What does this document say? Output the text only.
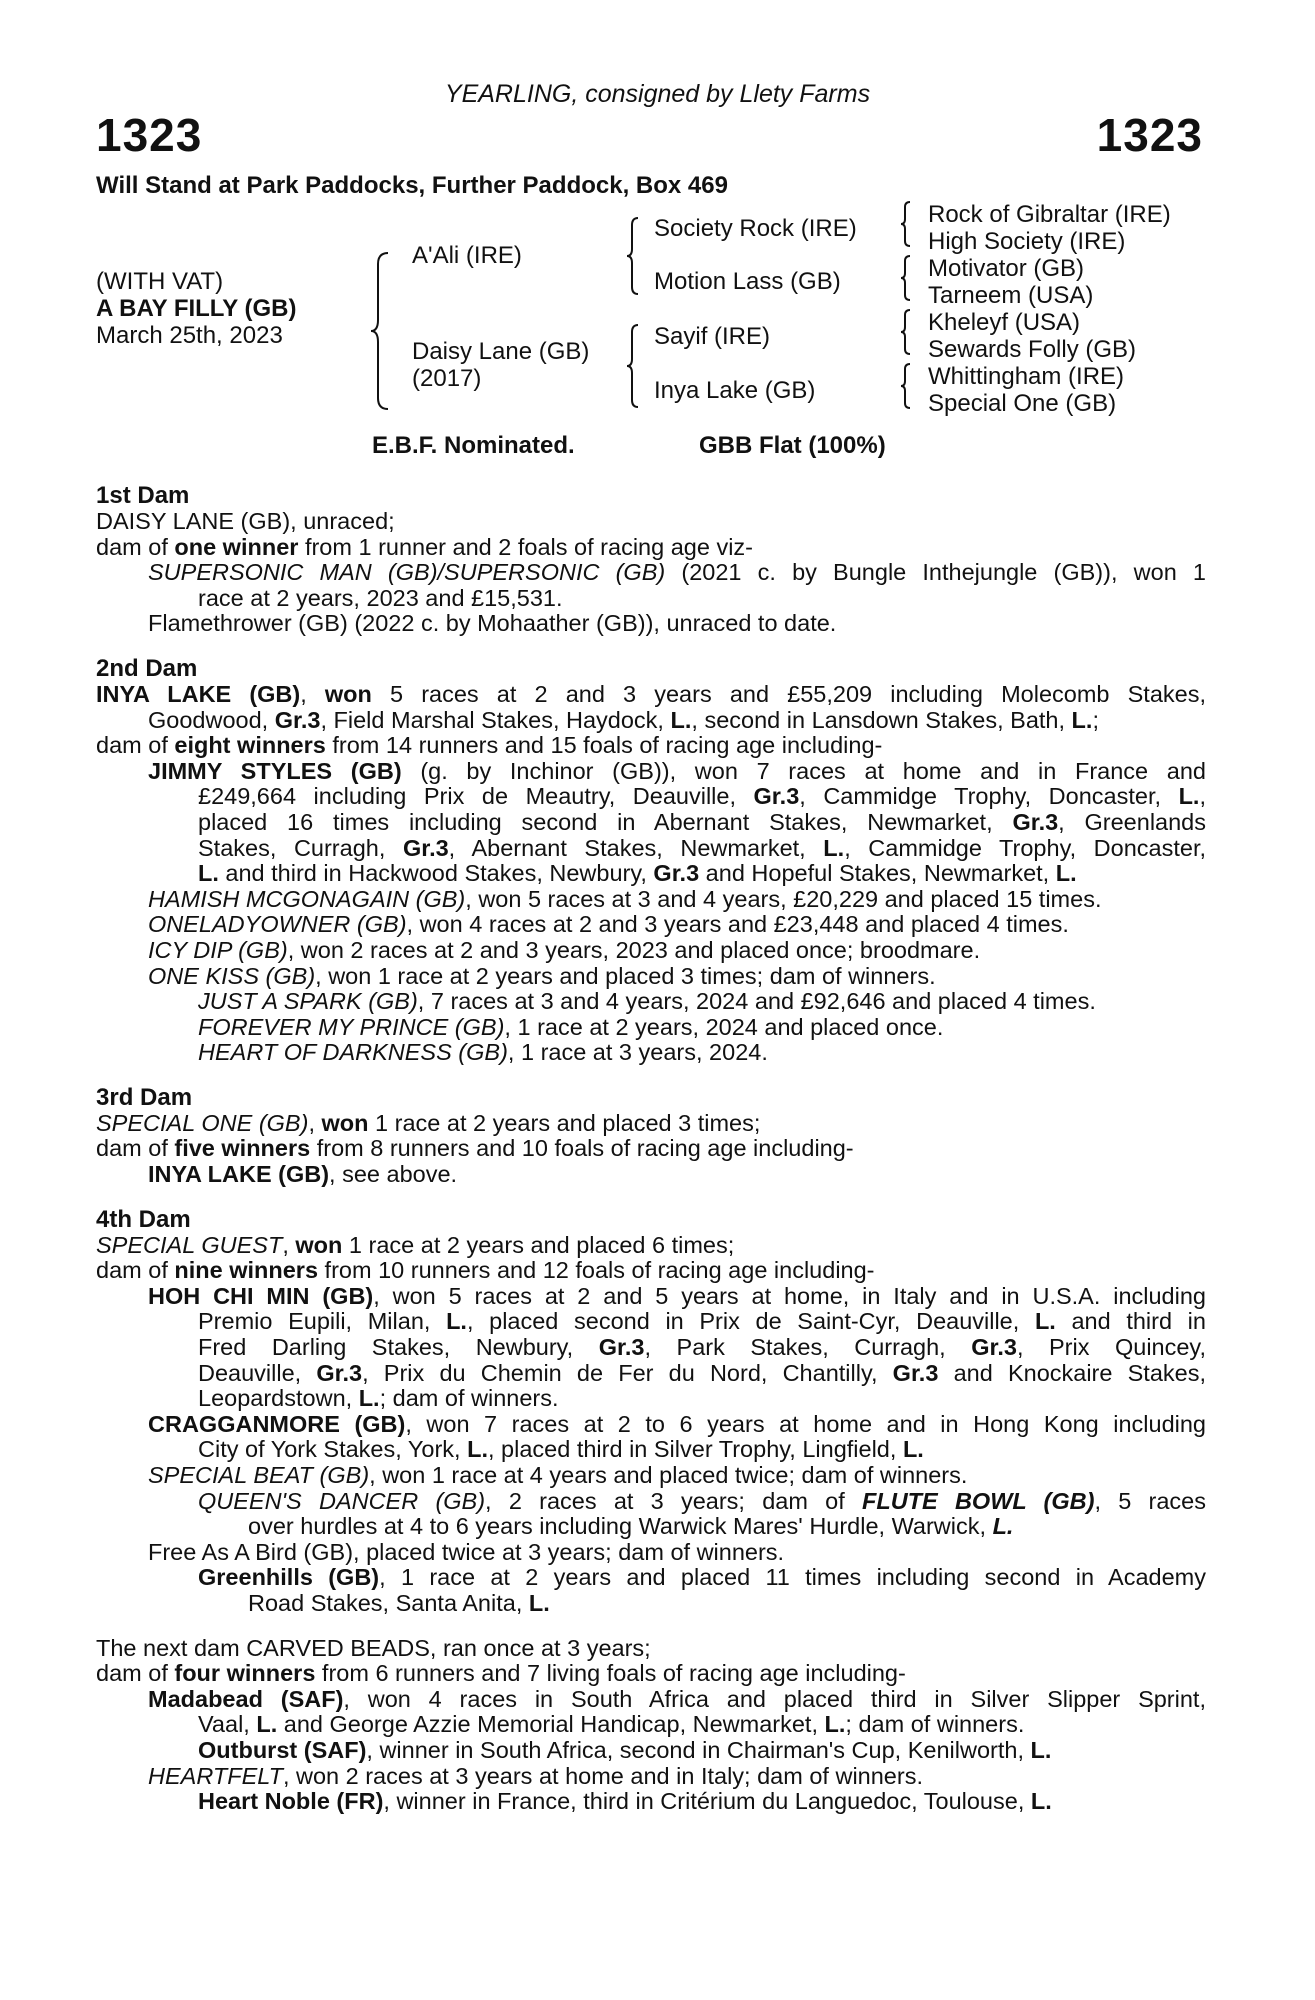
YEARLING, consigned by Llety Farms
1323	1323
Will Stand at Park Paddocks, Further Paddock, Box 469
(WITH VAT)
A BAY FILLY (GB)
March 25th, 2023
A'Ali (IRE)
Daisy Lane (GB)
(2017)
Society Rock (IRE)
Motion Lass (GB)
Sayif (IRE)
Inya Lake (GB)
Rock of Gibraltar (IRE)
High Society (IRE)
Motivator (GB)
Tarneem (USA)
Kheleyf (USA)
Sewards Folly (GB)
Whittingham (IRE)
Special One (GB)
E.B.F. Nominated.	GBB Flat (100%)
1st Dam
DAISY LANE (GB), unraced;
dam of one winner from 1 runner and 2 foals of racing age viz-
SUPERSONIC MAN (GB)/SUPERSONIC (GB) (2021 c. by Bungle Inthejungle (GB)), won 1
race at 2 years, 2023 and £15,531.
Flamethrower (GB) (2022 c. by Mohaather (GB)), unraced to date.
2nd Dam
INYA LAKE (GB), won 5 races at 2 and 3 years and £55,209 including Molecomb Stakes,
Goodwood, Gr.3, Field Marshal Stakes, Haydock, L., second in Lansdown Stakes, Bath, L.;
dam of eight winners from 14 runners and 15 foals of racing age including-
JIMMY STYLES (GB) (g. by Inchinor (GB)), won 7 races at home and in France and
£249,664 including Prix de Meautry, Deauville, Gr.3, Cammidge Trophy, Doncaster, L.,
placed 16 times including second in Abernant Stakes, Newmarket, Gr.3, Greenlands
Stakes, Curragh, Gr.3, Abernant Stakes, Newmarket, L., Cammidge Trophy, Doncaster,
L. and third in Hackwood Stakes, Newbury, Gr.3 and Hopeful Stakes, Newmarket, L.
HAMISH MCGONAGAIN (GB), won 5 races at 3 and 4 years, £20,229 and placed 15 times.
ONELADYOWNER (GB), won 4 races at 2 and 3 years and £23,448 and placed 4 times.
ICY DIP (GB), won 2 races at 2 and 3 years, 2023 and placed once; broodmare.
ONE KISS (GB), won 1 race at 2 years and placed 3 times; dam of winners.
JUST A SPARK (GB), 7 races at 3 and 4 years, 2024 and £92,646 and placed 4 times.
FOREVER MY PRINCE (GB), 1 race at 2 years, 2024 and placed once.
HEART OF DARKNESS (GB), 1 race at 3 years, 2024.
3rd Dam
SPECIAL ONE (GB), won 1 race at 2 years and placed 3 times;
dam of five winners from 8 runners and 10 foals of racing age including-
INYA LAKE (GB), see above.
4th Dam
SPECIAL GUEST, won 1 race at 2 years and placed 6 times;
dam of nine winners from 10 runners and 12 foals of racing age including-
HOH CHI MIN (GB), won 5 races at 2 and 5 years at home, in Italy and in U.S.A. including
Premio Eupili, Milan, L., placed second in Prix de Saint-Cyr, Deauville, L. and third in
Fred Darling Stakes, Newbury, Gr.3, Park Stakes, Curragh, Gr.3, Prix Quincey,
Deauville, Gr.3, Prix du Chemin de Fer du Nord, Chantilly, Gr.3 and Knockaire Stakes,
Leopardstown, L.; dam of winners.
CRAGGANMORE (GB), won 7 races at 2 to 6 years at home and in Hong Kong including
City of York Stakes, York, L., placed third in Silver Trophy, Lingfield, L.
SPECIAL BEAT (GB), won 1 race at 4 years and placed twice; dam of winners.
QUEEN'S DANCER (GB), 2 races at 3 years; dam of FLUTE BOWL (GB), 5 races
over hurdles at 4 to 6 years including Warwick Mares' Hurdle, Warwick, L.
Free As A Bird (GB), placed twice at 3 years; dam of winners.
Greenhills (GB), 1 race at 2 years and placed 11 times including second in Academy
Road Stakes, Santa Anita, L.
The next dam CARVED BEADS, ran once at 3 years;
dam of four winners from 6 runners and 7 living foals of racing age including-
Madabead (SAF), won 4 races in South Africa and placed third in Silver Slipper Sprint,
Vaal, L. and George Azzie Memorial Handicap, Newmarket, L.; dam of winners.
Outburst (SAF), winner in South Africa, second in Chairman's Cup, Kenilworth, L.
HEARTFELT, won 2 races at 3 years at home and in Italy; dam of winners.
Heart Noble (FR), winner in France, third in Critérium du Languedoc, Toulouse, L.
